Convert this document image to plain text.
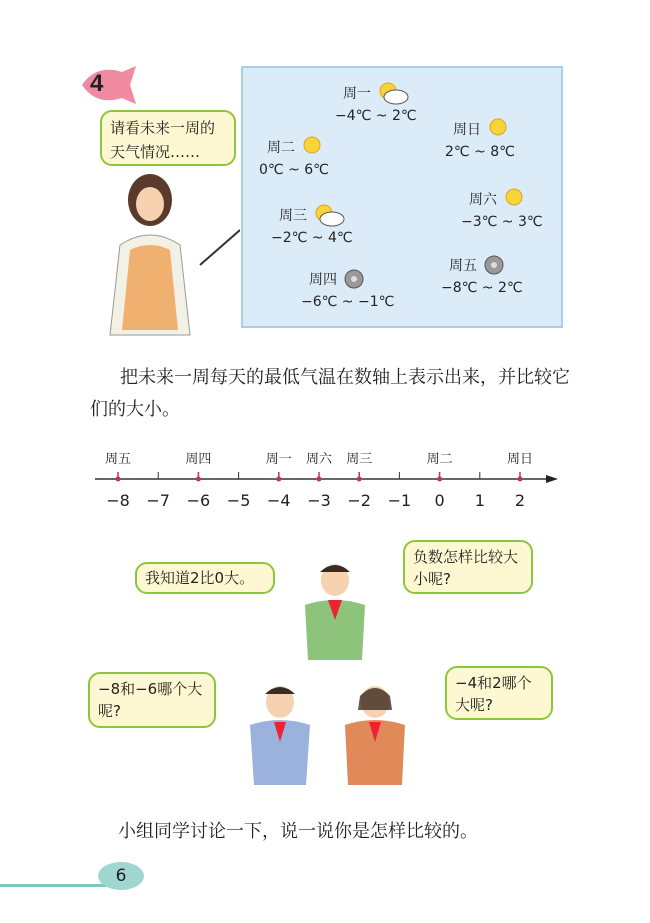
4
请看未来一周的天气情况……
周一
−4℃ ~ 2℃
周二
0℃ ~ 6℃
周三
−2℃ ~ 4℃
周四
−6℃ ~ −1℃
周五
−8℃ ~ 2℃
周六
−3℃ ~ 3℃
周日
2℃ ~ 8℃
把未来一周每天的最低气温在数轴上表示出来，并比较它们的大小。
−8 −7 −6 −5 −4 −3 −2 −1 0 1 2
周五	周四	周一 周六 周三	周二	周日
我知道2比0大。
负数怎样比较大小呢?
−8和−6哪个大呢?
−4和2哪个大呢?
小组同学讨论一下，说一说你是怎样比较的。
6
